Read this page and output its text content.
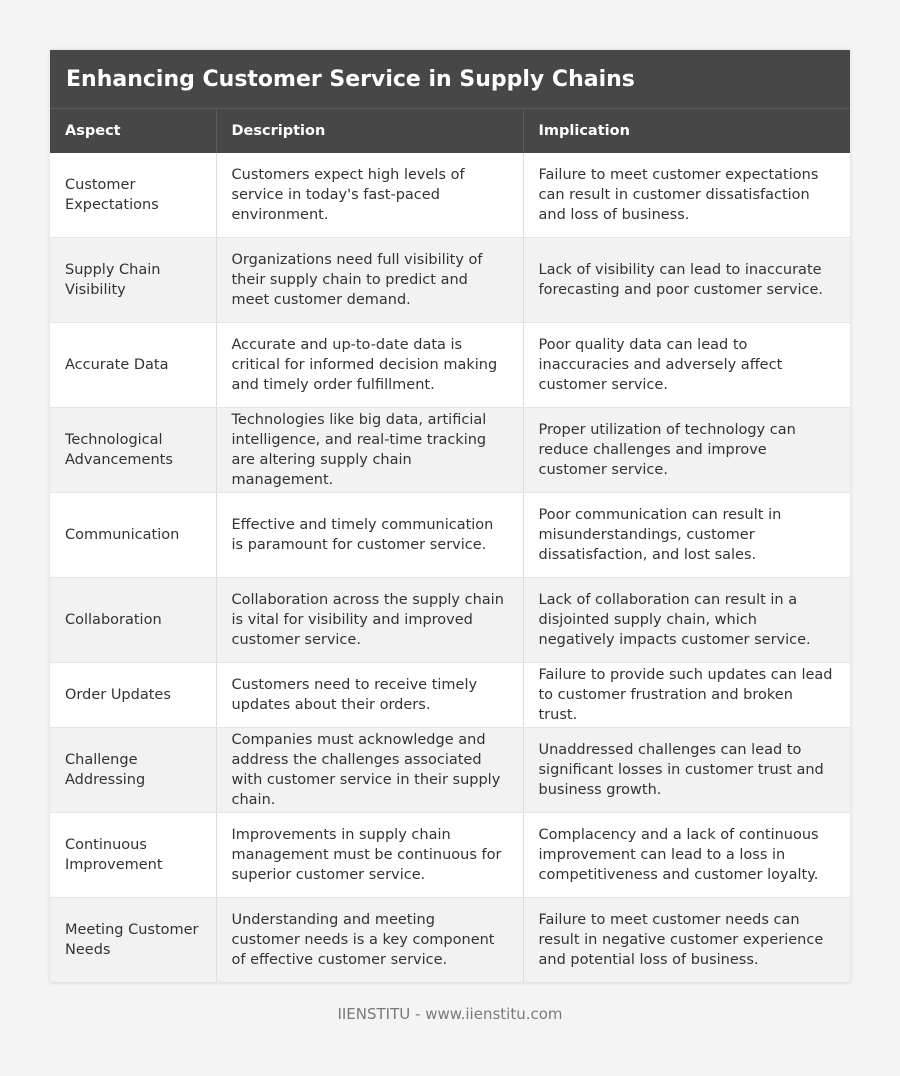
Enhancing Customer Service in Supply Chains
Aspect	Description	Implication
Customer Expectations	Customers expect high levels of service in today's fast-paced environment.	Failure to meet customer expectations can result in customer dissatisfaction and loss of business.
Supply Chain Visibility	Organizations need full visibility of their supply chain to predict and meet customer demand.	Lack of visibility can lead to inaccurate forecasting and poor customer service.
Accurate Data	Accurate and up-to-date data is critical for informed decision making and timely order fulfillment.	Poor quality data can lead to inaccuracies and adversely affect customer service.
Technological Advancements	Technologies like big data, artificial intelligence, and real-time tracking are altering supply chain management.	Proper utilization of technology can reduce challenges and improve customer service.
Communication	Effective and timely communication is paramount for customer service.	Poor communication can result in misunderstandings, customer dissatisfaction, and lost sales.
Collaboration	Collaboration across the supply chain is vital for visibility and improved customer service.	Lack of collaboration can result in a disjointed supply chain, which negatively impacts customer service.
Order Updates	Customers need to receive timely updates about their orders.	Failure to provide such updates can lead to customer frustration and broken trust.
Challenge Addressing	Companies must acknowledge and address the challenges associated with customer service in their supply chain.	Unaddressed challenges can lead to significant losses in customer trust and business growth.
Continuous Improvement	Improvements in supply chain management must be continuous for superior customer service.	Complacency and a lack of continuous improvement can lead to a loss in competitiveness and customer loyalty.
Meeting Customer Needs	Understanding and meeting customer needs is a key component of effective customer service.	Failure to meet customer needs can result in negative customer experience and potential loss of business.
IIENSTITU - www.iienstitu.com
